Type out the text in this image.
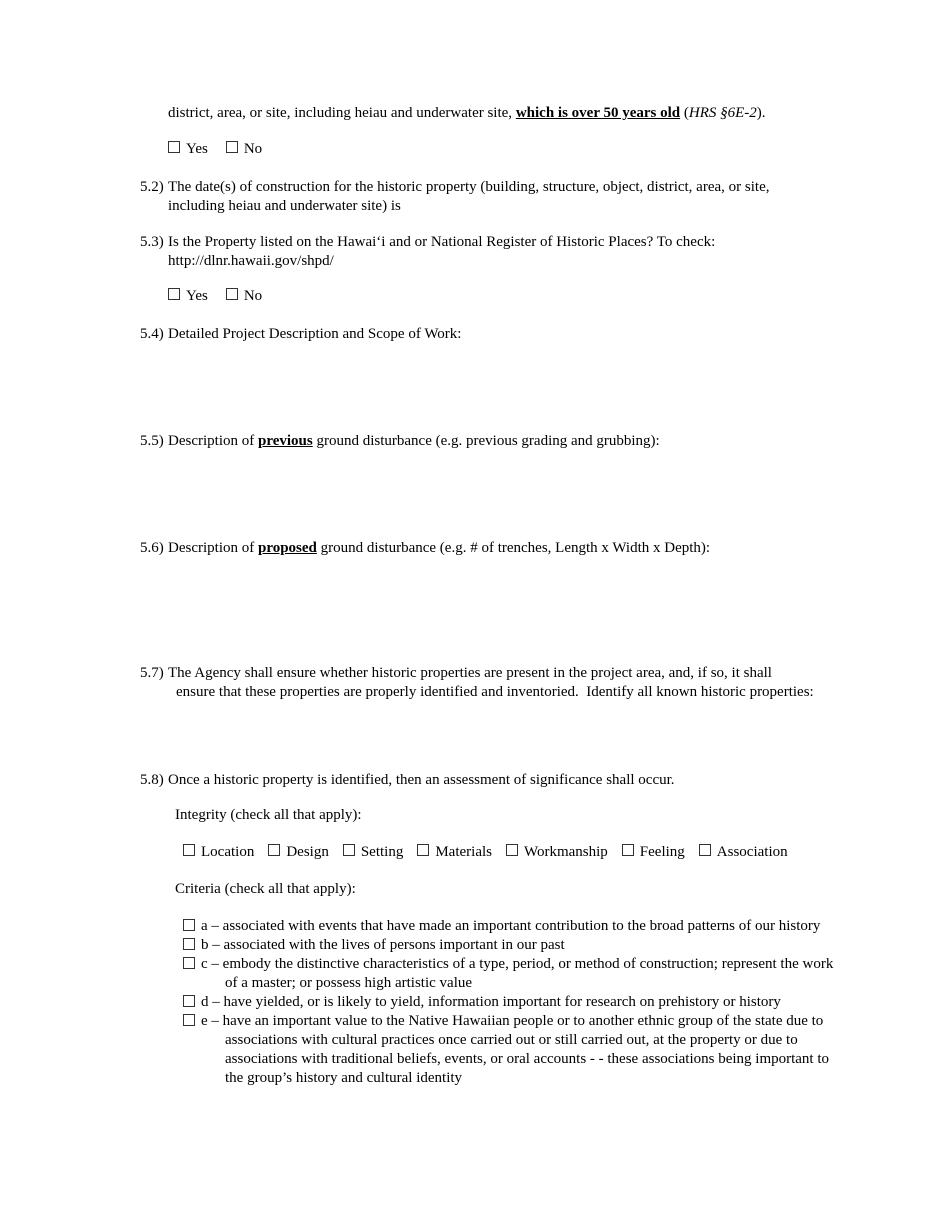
district, area, or site, including heiau and underwater site, which is over 50 years old (HRS §6E-2).
Yes No
5.2) The date(s) of construction for the historic property (building, structure, object, district, area, or site,
including heiau and underwater site) is
5.3) Is the Property listed on the Hawaiʻi and or National Register of Historic Places? To check:
http://dlnr.hawaii.gov/shpd/
Yes No
5.4) Detailed Project Description and Scope of Work:
5.5) Description of previous ground disturbance (e.g. previous grading and grubbing):
5.6) Description of proposed ground disturbance (e.g. # of trenches, Length x Width x Depth):
5.7) The Agency shall ensure whether historic properties are present in the project area, and, if so, it shall
ensure that these properties are properly identified and inventoried.  Identify all known historic properties:
5.8) Once a historic property is identified, then an assessment of significance shall occur.
Integrity (check all that apply):
Location Design Setting Materials Workmanship Feeling Association
Criteria (check all that apply):
a – associated with events that have made an important contribution to the broad patterns of our history
b – associated with the lives of persons important in our past
c – embody the distinctive characteristics of a type, period, or method of construction; represent the work of a master; or possess high artistic value
d – have yielded, or is likely to yield, information important for research on prehistory or history
e – have an important value to the Native Hawaiian people or to another ethnic group of the state due to associations with cultural practices once carried out or still carried out, at the property or due to associations with traditional beliefs, events, or oral accounts - - these associations being important to the group’s history and cultural identity
